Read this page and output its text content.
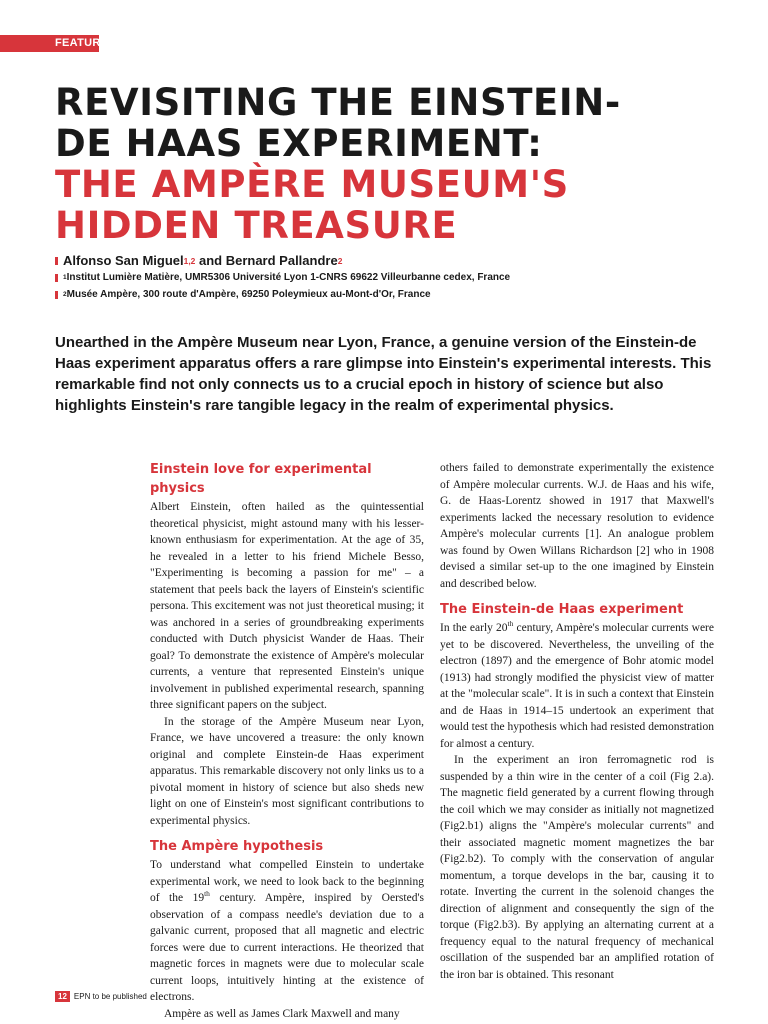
FEATURES
REVISITING THE EINSTEIN-
DE HAAS EXPERIMENT:
THE AMPÈRE MUSEUM'S
HIDDEN TREASURE
Alfonso San Miguel 1,2 and Bernard Pallandre 2
1 Institut Lumière Matière, UMR5306 Université Lyon 1-CNRS 69622 Villeurbanne cedex, France
2 Musée Ampère, 300 route d'Ampère, 69250 Poleymieux au-Mont-d'Or, France

Unearthed in the Ampère Museum near Lyon, France, a genuine version of the Einstein-de Haas experiment apparatus offers a rare glimpse into Einstein's experimental interests. This remarkable find not only connects us to a crucial epoch in history of science but also highlights Einstein's rare tangible legacy in the realm of experimental physics.

Einstein love for experimental physics

Albert Einstein, often hailed as the quintessential theoretical physicist, might astound many with his lesser-known enthusiasm for experimentation. At the age of 35, he revealed in a letter to his friend Michele Besso, "Experimenting is becoming a passion for me" – a statement that peels back the layers of Einstein's scientific persona. This excitement was not just theoretical musing; it was anchored in a series of groundbreaking experiments conducted with Dutch physicist Wander de Haas. Their goal? To demonstrate the existence of Ampère's molecular currents, a venture that represented Einstein's unique involvement in published experimental research, spanning three significant papers on the subject.

In the storage of the Ampère Museum near Lyon, France, we have uncovered a treasure: the only known original and complete Einstein-de Haas experiment apparatus. This remarkable discovery not only links us to a pivotal moment in history of science but also sheds new light on one of Einstein's most significant contributions to experimental physics.

The Ampère hypothesis

To understand what compelled Einstein to undertake experimental work, we need to look back to the beginning of the 19th century. Ampère, inspired by Oersted's observation of a compass needle's deviation due to a galvanic current, proposed that all magnetic and electric forces were due to current interactions. He theorized that magnetic forces in magnets were due to molecular scale current loops, intuitively hinting at the existence of electrons.

Ampère as well as James Clark Maxwell and many

others failed to demonstrate experimentally the existence of Ampère molecular currents. W.J. de Haas and his wife, G. de Haas-Lorentz showed in 1917 that Maxwell's experiments lacked the necessary resolution to evidence Ampère's molecular currents [1]. An analogue problem was found by Owen Willans Richardson [2] who in 1908 devised a similar set-up to the one imagined by Einstein and described below.

The Einstein-de Haas experiment

In the early 20th century, Ampère's molecular currents were yet to be discovered. Nevertheless, the unveiling of the electron (1897) and the emergence of Bohr atomic model (1913) had strongly modified the physicist view of matter at the "molecular scale". It is in such a context that Einstein and de Haas in 1914–15 undertook an experiment that would test the hypothesis which had resisted demonstration for almost a century.

In the experiment an iron ferromagnetic rod is suspended by a thin wire in the center of a coil (Fig 2.a). The magnetic field generated by a current flowing through the coil which we may consider as initially not magnetized (Fig2.b1) aligns the "Ampère's molecular currents" and their associated magnetic moment magnetizes the bar (Fig2.b2). To comply with the conservation of angular momentum, a torque develops in the bar, causing it to rotate. Inverting the current in the solenoid changes the direction of alignment and consequently the sign of the torque (Fig2.b3). By applying an alternating current at a frequency equal to the natural frequency of mechanical oscillation of the suspended bar an amplified rotation of the iron bar is obtained. This resonant

12 EPN to be published
